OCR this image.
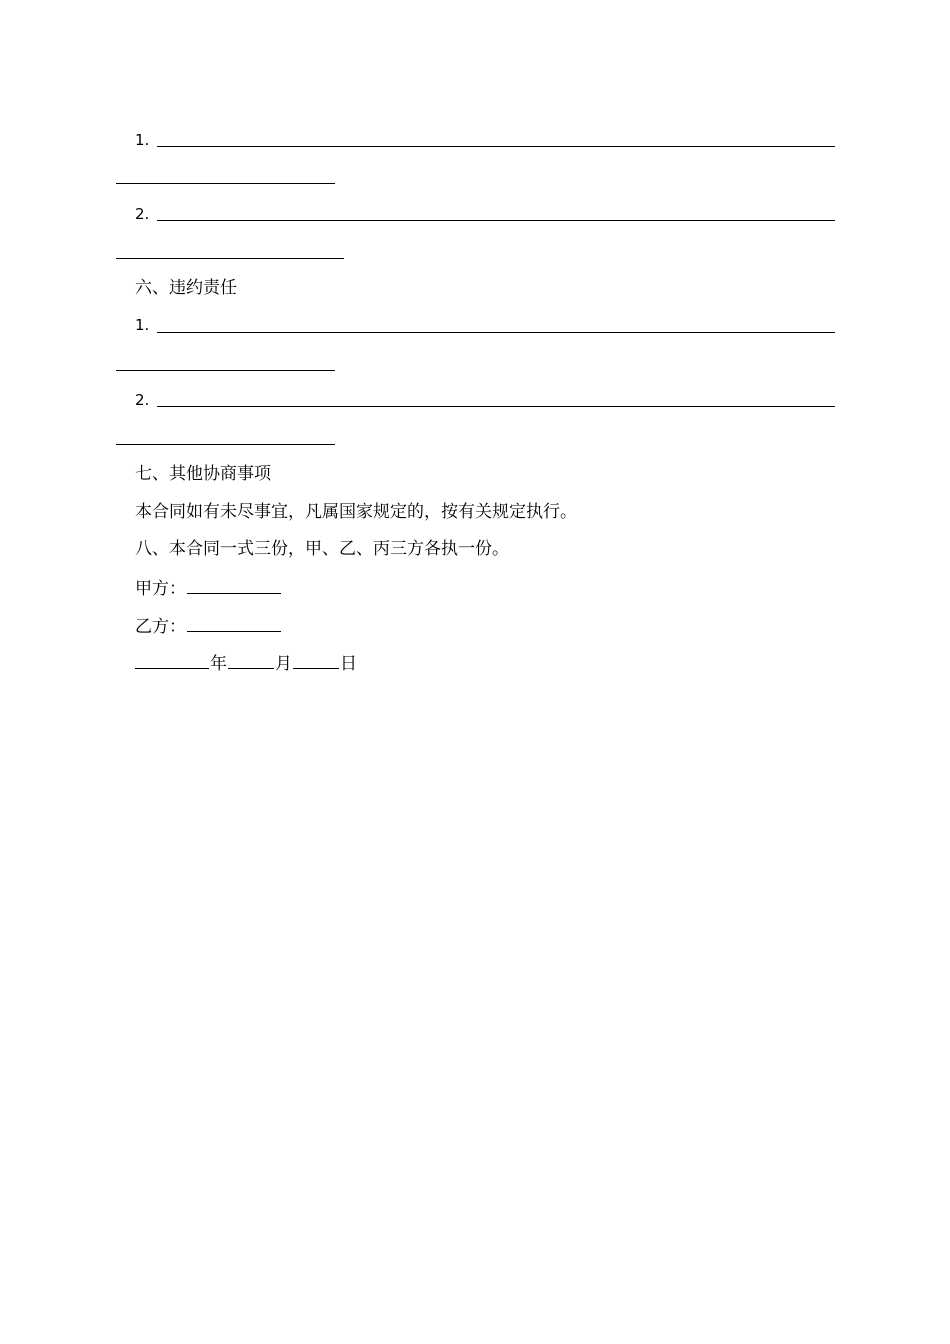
1.
2.
六、违约责任
1.
2.
七、其他协商事项
本合同如有未尽事宜，凡属国家规定的，按有关规定执行。
八、本合同一式三份，甲、乙、丙三方各执一份。
甲方：
乙方：
年	月	日
